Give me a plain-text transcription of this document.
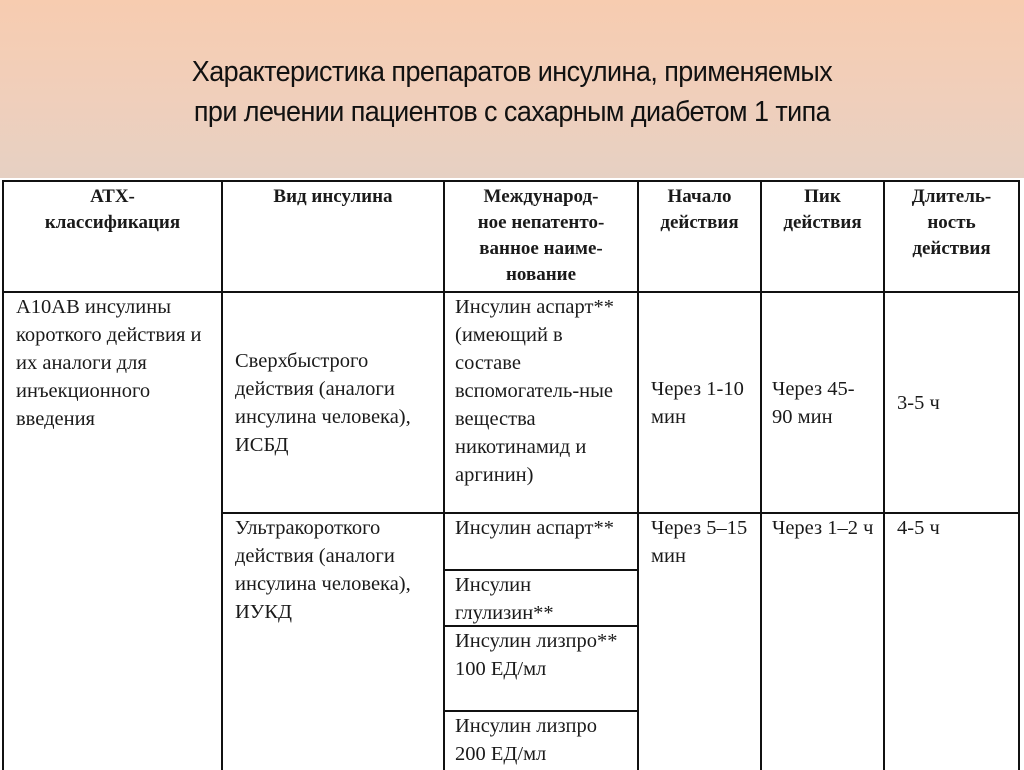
Характеристика препаратов инсулина, применяемых
при лечении пациентов с сахарным диабетом 1 типа
АТХ-
классификация
Вид инсулина	Международ-
ное непатенто-
ванное наиме-
нование
Начало
действия
Пик
действия
Длитель-
ность
действия
A10AB инсулины короткого действия и их аналоги для инъекционного введения
Сверхбыстрого действия (аналоги инсулина человека), ИСБД
Инсулин аспарт** (имеющий в составе вспомогатель-ные вещества никотинамид и аргинин)
Через 1-10 мин
Через 45-90 мин
3-5 ч
Ультракороткого действия (аналоги инсулина человека), ИУКД
Инсулин аспарт**
Инсулин глулизин**
Инсулин лизпро** 100 ЕД/мл
Инсулин лизпро 200 ЕД/мл
Через 5–15 мин
Через 1–2 ч	4-5 ч
